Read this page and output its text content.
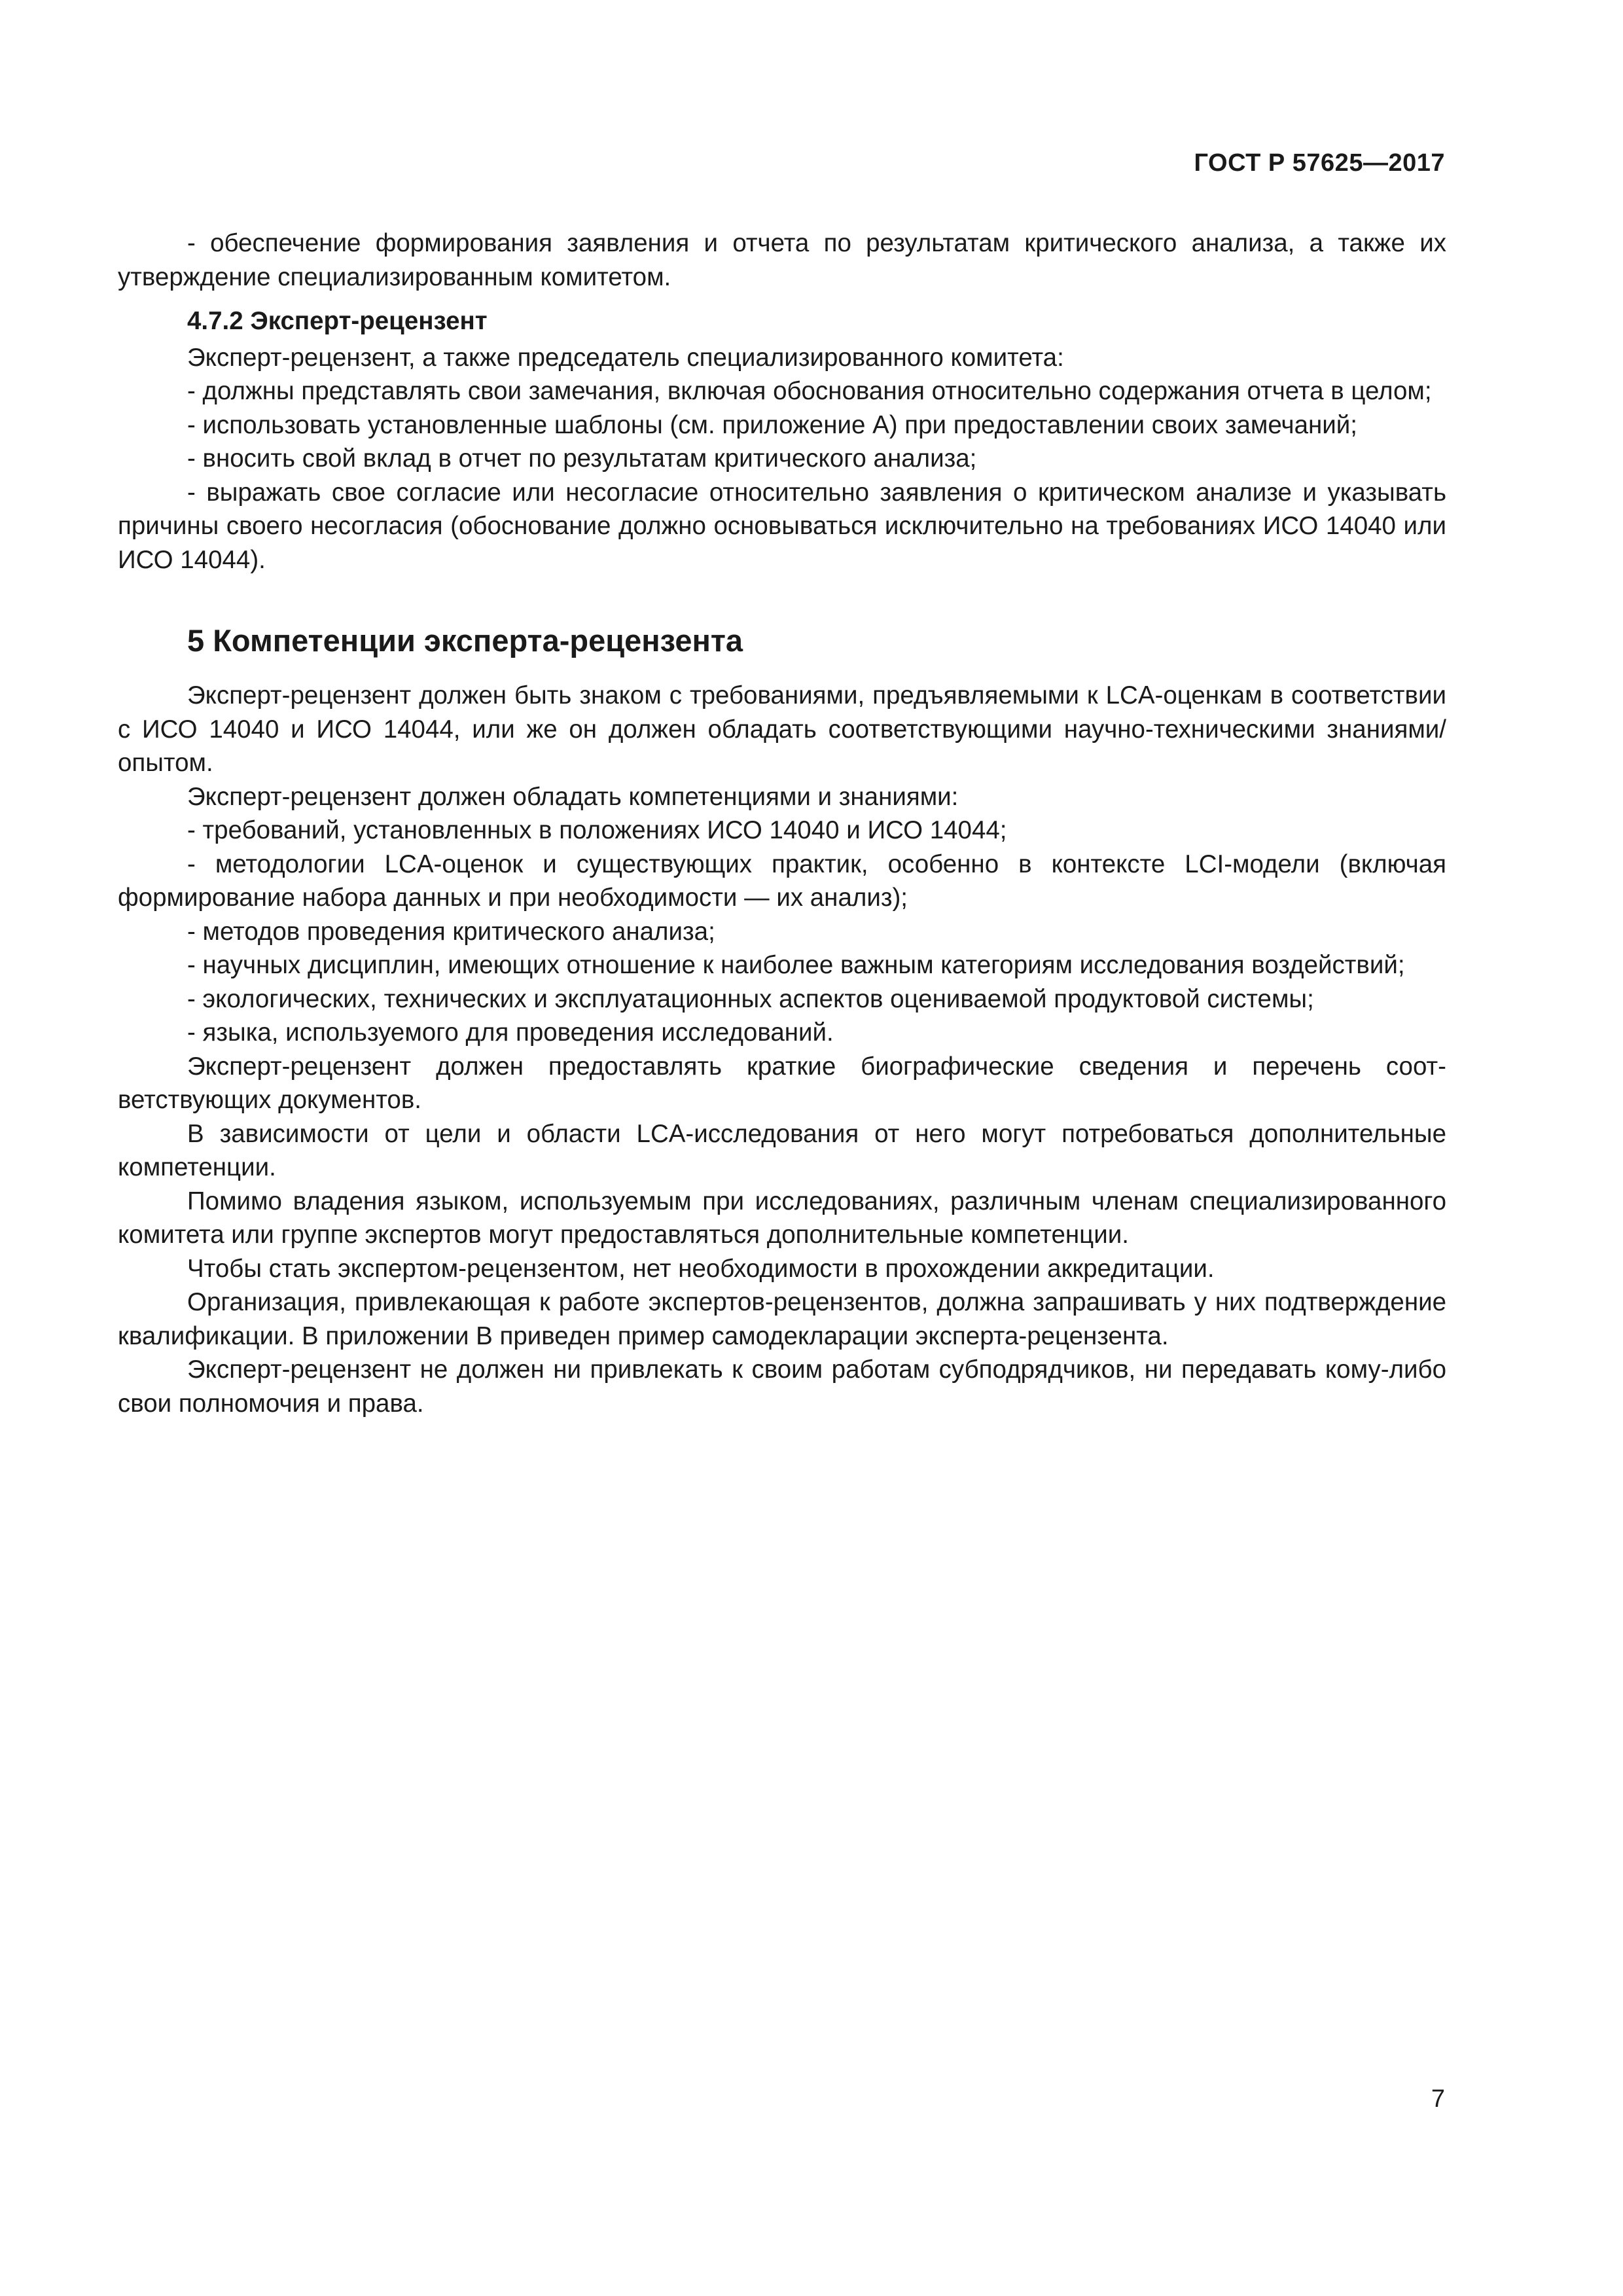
ГОСТ Р 57625—2017

- обеспечение формирования заявления и отчета по результатам критического анализа, а также их утверждение специализированным комитетом.

4.7.2 Эксперт-рецензент

Эксперт-рецензент, а также председатель специализированного комитета:

- должны представлять свои замечания, включая обоснования относительно содержания отчета в целом;

- использовать установленные шаблоны (см. приложение А) при предоставлении своих замечаний;

- вносить свой вклад в отчет по результатам критического анализа;

- выражать свое согласие или несогласие относительно заявления о критическом анализе и указывать причины своего несогласия (обоснование должно основываться исключительно на требованиях ИСО 14040 или ИСО 14044).

5 Компетенции эксперта-рецензента

Эксперт-рецензент должен быть знаком с требованиями, предъявляемыми к LCA-оценкам в соответствии с ИСО 14040 и ИСО 14044, или же он должен обладать соответствующими научно-техническими знаниями/опытом.

Эксперт-рецензент должен обладать компетенциями и знаниями:

- требований, установленных в положениях ИСО 14040 и ИСО 14044;

- методологии LCA-оценок и существующих практик, особенно в контексте LCI-модели (включая формирование набора данных и при необходимости — их анализ);

- методов проведения критического анализа;

- научных дисциплин, имеющих отношение к наиболее важным категориям исследования воздействий;

- экологических, технических и эксплуатационных аспектов оцениваемой продуктовой системы;

- языка, используемого для проведения исследований.

Эксперт-рецензент должен предоставлять краткие биографические сведения и перечень соответствующих документов.

В зависимости от цели и области LCA-исследования от него могут потребоваться дополнительные компетенции.

Помимо владения языком, используемым при исследованиях, различным членам специализированного комитета или группе экспертов могут предоставляться дополнительные компетенции.

Чтобы стать экспертом-рецензентом, нет необходимости в прохождении аккредитации.

Организация, привлекающая к работе экспертов-рецензентов, должна запрашивать у них подтверждение квалификации. В приложении В приведен пример самодекларации эксперта-рецензента.

Эксперт-рецензент не должен ни привлекать к своим работам субподрядчиков, ни передавать кому-либо свои полномочия и права.

7
